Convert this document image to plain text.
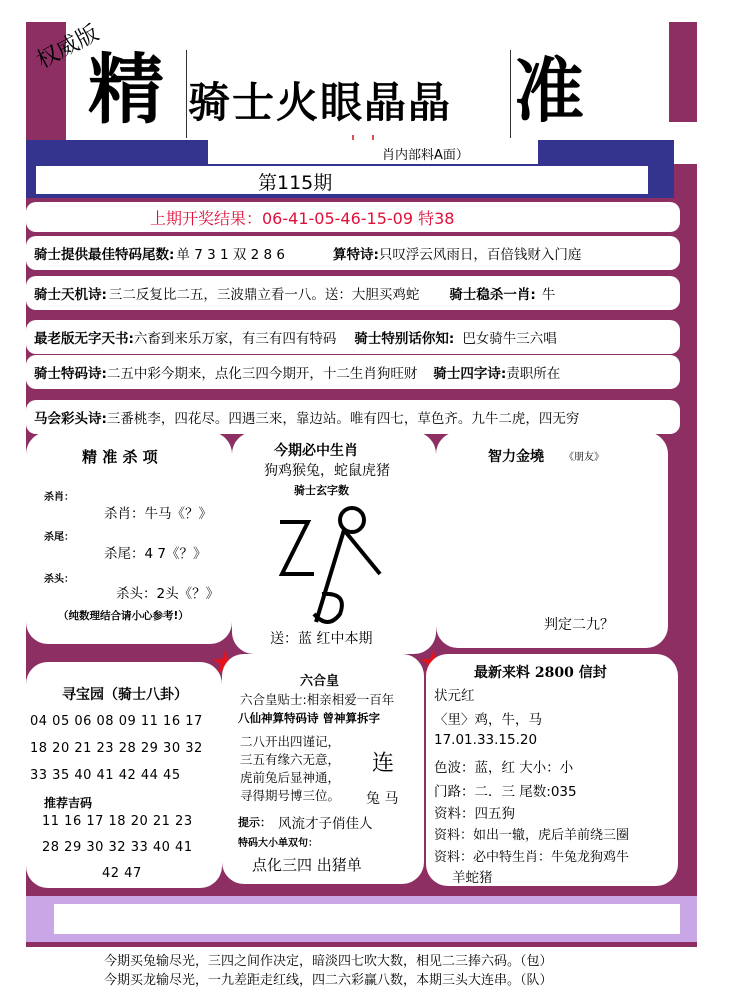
权威版
精 骑士火眼晶晶 准
肖内部料A面）
第115期
上期开奖结果：06-41-05-46-15-09 特38
骑士提供最佳特码尾数: 单 7 3 1 双 2 8 6	算特诗: 只叹浮云风雨日，百倍钱财入门庭
骑士天机诗: 三二反复比二五，三波鼎立看一八。送：大胆买鸡蛇 骑士稳杀一肖: 牛
最老版无字天书: 六畜到来乐万家，有三有四有特码 骑士特别话你知: 巴女骑牛三六唱
骑士特码诗: 二五中彩今期来，点化三四今期开，十二生肖狗旺财 骑士四字诗: 责职所在
马会彩头诗: 三番桃李，四花尽。四遇三来，靠边站。唯有四七，草色齐。九牛二虎，四无穷
精 准 杀 项
杀肖：
杀肖：牛马《？》
杀尾：
杀尾：4 7《？》
杀头：
杀头：2头《？》
（纯数理结合请小心参考!）
今期必中生肖
狗鸡猴兔，蛇鼠虎猪
骑士玄字数
送：蓝 红中本期
智力金墝 《朋友》
判定二九？
寻宝园（骑士八卦）
04 05 06 08 09 11 16 17
18 20 21 23 28 29 30 32
33 35 40 41 42 44 45
推荐吉码
11 16 17 18 20 21 23
28 29 30 32 33 40 41
42 47
六合皇
六合皇贴士:相亲相爱一百年
八仙神算特码诗 曾神算拆字
二八开出四谨记，
三五有缘六无意，
虎前兔后显神通，
寻得期号博三位。
连
兔 马
提示： 风流才子俏佳人
特码大小单双句：
点化三四 出猪单
最新来料 2800 信封
状元红
〈里〉鸡，牛，马
17.01.33.15.20
色波：蓝，红 大小：小
门路：二．三 尾数:035
资料：四五狗
资料：如出一辙，虎后羊前绕三圈
资料：必中特生肖：牛兔龙狗鸡牛
羊蛇猪
今期买兔输尽光，三四之间作决定，暗淡四七吹大数，相见二三捧六码。（包）
今期买龙输尽光，一九差距走红线，四二六彩赢八数，本期三头大连串。（队）
